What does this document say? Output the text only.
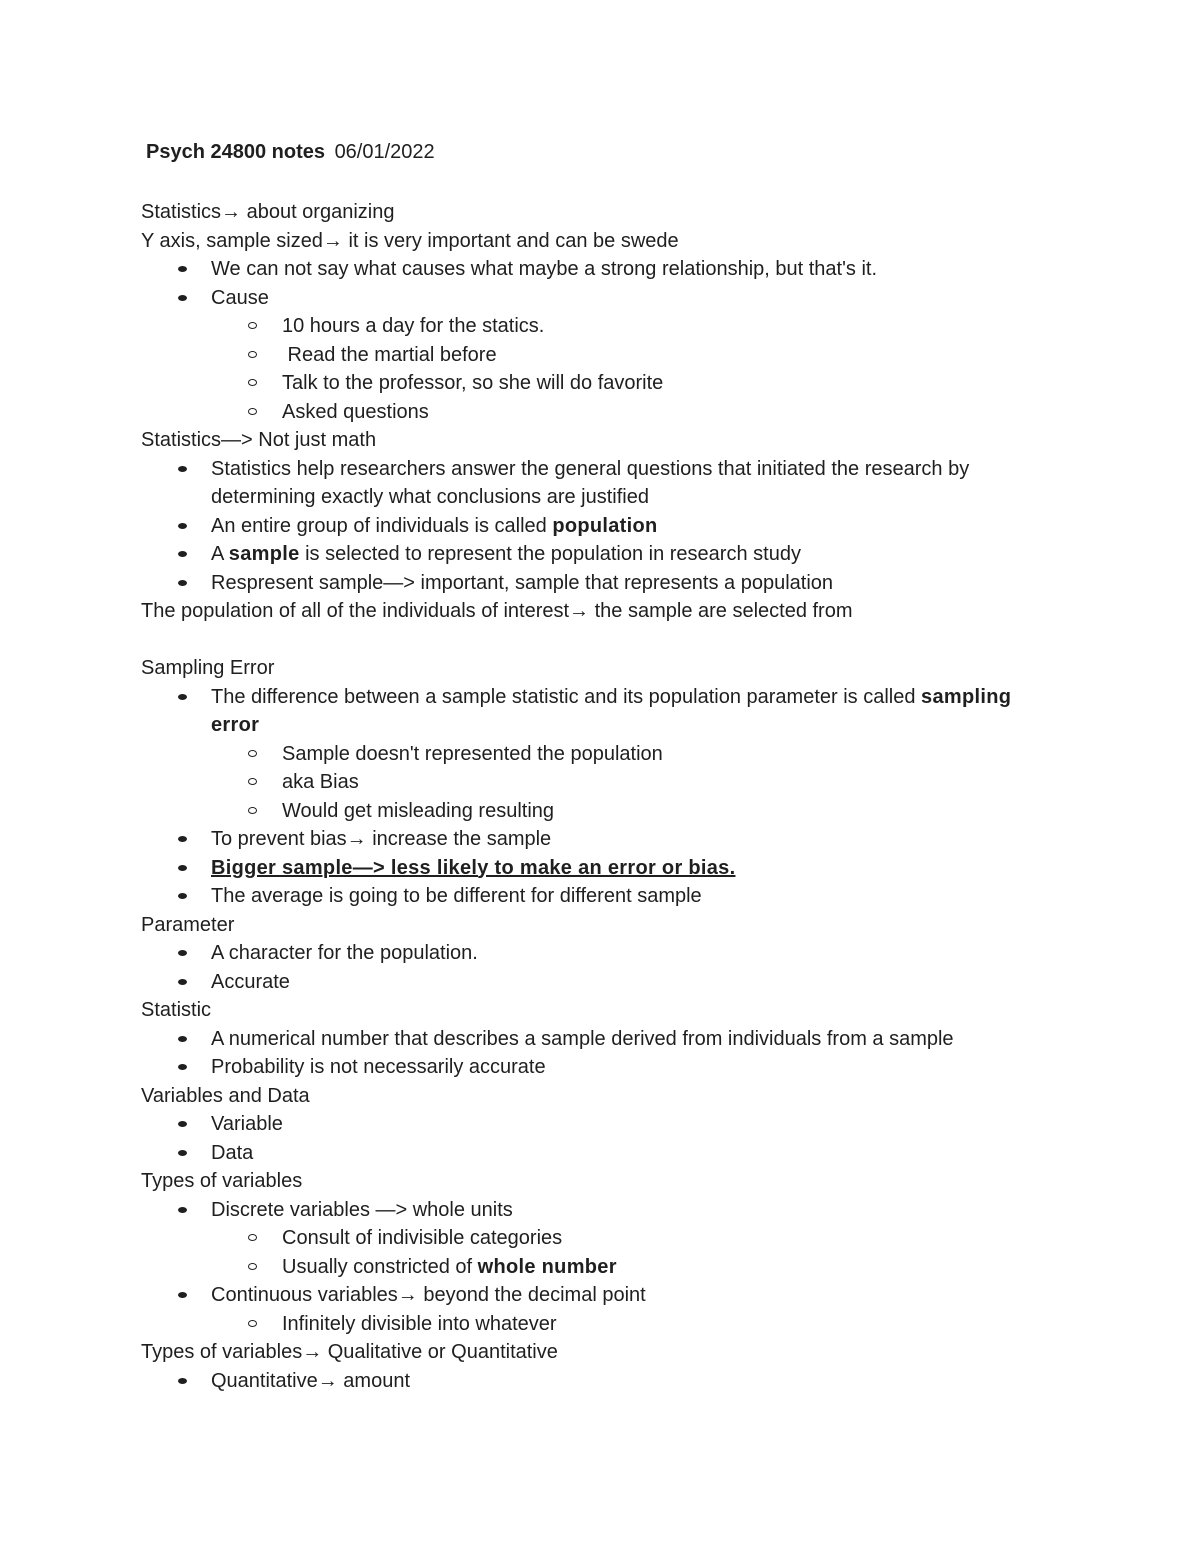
Psych 24800 notes 06/01/2022
Statistics→ about organizing
Y axis, sample sized→ it is very important and can be swede
We can not say what causes what maybe a strong relationship, but that's it.
Cause
10 hours a day for the statics.
Read the martial before
Talk to the professor, so she will do favorite
Asked questions
Statistics—> Not just math
Statistics help researchers answer the general questions that initiated the research by determining exactly what conclusions are justified
An entire group of individuals is called population
A sample is selected to represent the population in research study
Respresent sample—> important, sample that represents a population
The population of all of the individuals of interest→ the sample are selected from
Sampling Error
The difference between a sample statistic and its population parameter is called sampling error
Sample doesn't represented the population
aka Bias
Would get misleading resulting
To prevent bias→ increase the sample
Bigger sample—> less likely to make an error or bias.
The average is going to be different for different sample
Parameter
A character for the population.
Accurate
Statistic
A numerical number that describes a sample derived from individuals from a sample
Probability is not necessarily accurate
Variables and Data
Variable
Data
Types of variables
Discrete variables —> whole units
Consult of indivisible categories
Usually constricted of whole number
Continuous variables→ beyond the decimal point
Infinitely divisible into whatever
Types of variables→ Qualitative or Quantitative
Quantitative→ amount
